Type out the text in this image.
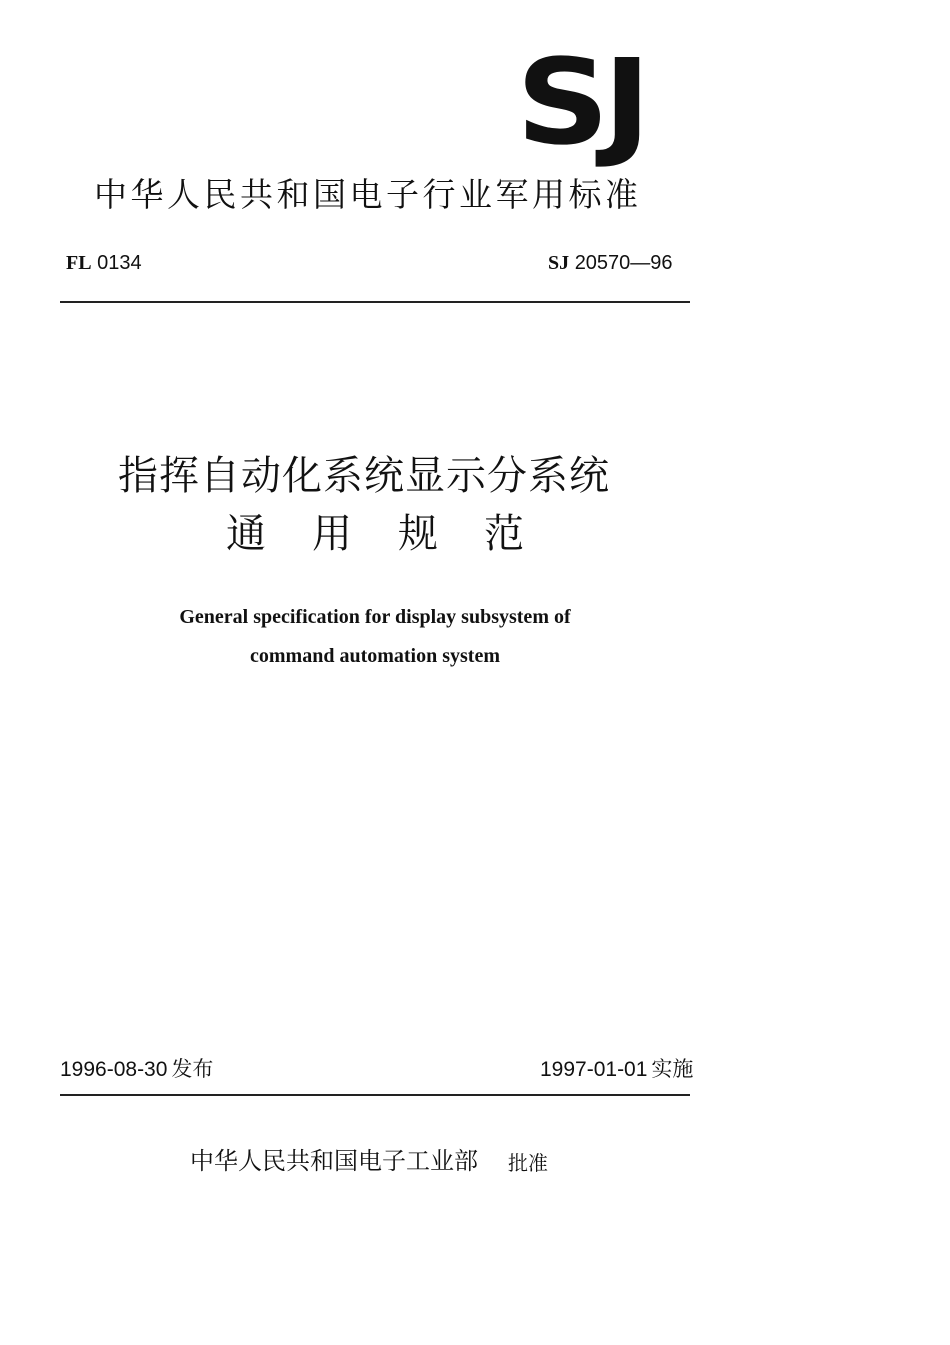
SJ
中华人民共和国电子行业军用标准
FL 0134	SJ 20570—96
指挥自动化系统显示分系统
通用规范
General specification for display subsystem of
command automation system
1996-08-30 发布	1997-01-01 实施
中华人民共和国电子工业部 批准
